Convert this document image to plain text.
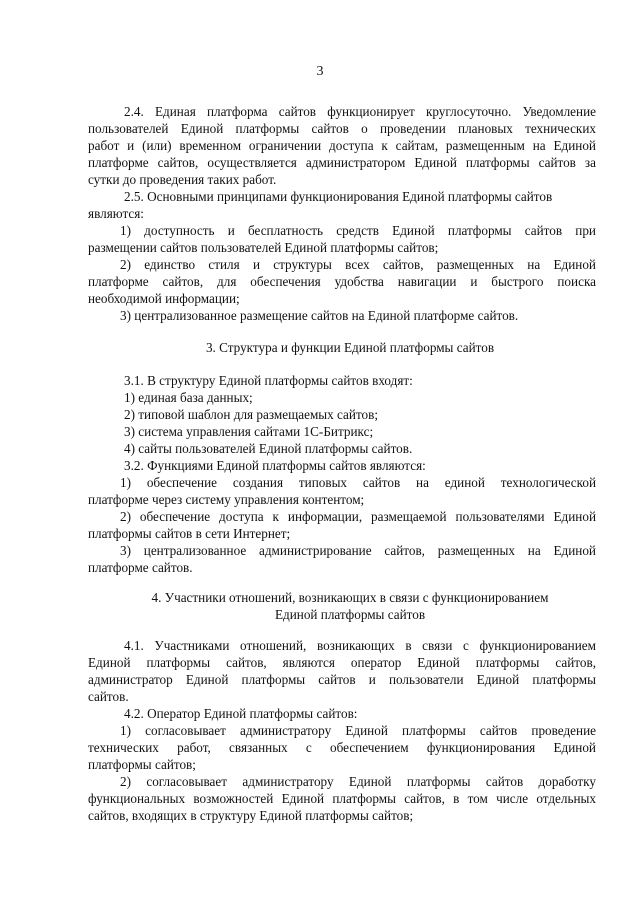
3
2.4. Единая платформа сайтов функционирует круглосуточно. Уведомление
пользователей Единой платформы сайтов о проведении плановых технических
работ и (или) временном ограничении доступа к сайтам, размещенным на Единой
платформе сайтов, осуществляется администратором Единой платформы сайтов за
сутки до проведения таких работ.
2.5. Основными принципами функционирования Единой платформы сайтов
являются:
1) доступность и бесплатность средств Единой платформы сайтов при
размещении сайтов пользователей Единой платформы сайтов;
2) единство стиля и структуры всех сайтов, размещенных на Единой
платформе сайтов, для обеспечения удобства навигации и быстрого поиска
необходимой информации;
3) централизованное размещение сайтов на Единой платформе сайтов.
3. Структура и функции Единой платформы сайтов
3.1. В структуру Единой платформы сайтов входят:
1) единая база данных;
2) типовой шаблон для размещаемых сайтов;
3) система управления сайтами 1С-Битрикс;
4) сайты пользователей Единой платформы сайтов.
3.2. Функциями Единой платформы сайтов являются:
1) обеспечение создания типовых сайтов на единой технологической
платформе через систему управления контентом;
2) обеспечение доступа к информации, размещаемой пользователями Единой
платформы сайтов в сети Интернет;
3) централизованное администрирование сайтов, размещенных на Единой
платформе сайтов.
4. Участники отношений, возникающих в связи с функционированием
Единой платформы сайтов
4.1. Участниками отношений, возникающих в связи с функционированием
Единой платформы сайтов, являются оператор Единой платформы сайтов,
администратор Единой платформы сайтов и пользователи Единой платформы
сайтов.
4.2. Оператор Единой платформы сайтов:
1) согласовывает администратору Единой платформы сайтов проведение
технических работ, связанных с обеспечением функционирования Единой
платформы сайтов;
2) согласовывает администратору Единой платформы сайтов доработку
функциональных возможностей Единой платформы сайтов, в том числе отдельных
сайтов, входящих в структуру Единой платформы сайтов;
